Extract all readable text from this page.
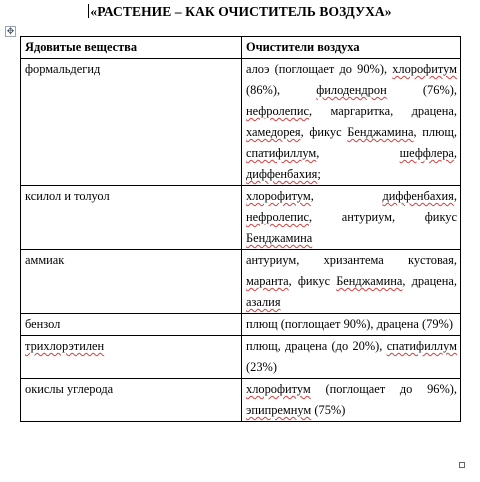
«РАСТЕНИЕ – КАК ОЧИСТИТЕЛЬ ВОЗДУХА»
✥
Ядовитые вещества	Очистители воздуха
формальдегид	алоэ (поглощает до 90%), хлорофитум (86%), филодендрон (76%), нефролепис, маргаритка, драцена, хамедорея, фикус Бенджамина, плющ, спатифиллум, шеффлера, диффенбахия;
ксилол и толуол	хлорофитум, диффенбахия, нефролепис, антуриум, фикус Бенджамина
аммиак	антуриум, хризантема кустовая, маранта, фикус Бенджамина, драцена, азалия
бензол	плющ (поглощает 90%), драцена (79%)
трихлорэтилен	плющ, драцена (до 20%), спатифиллум (23%)
окислы углерода	хлорофитум (поглощает до 96%), эпипремнум (75%)
